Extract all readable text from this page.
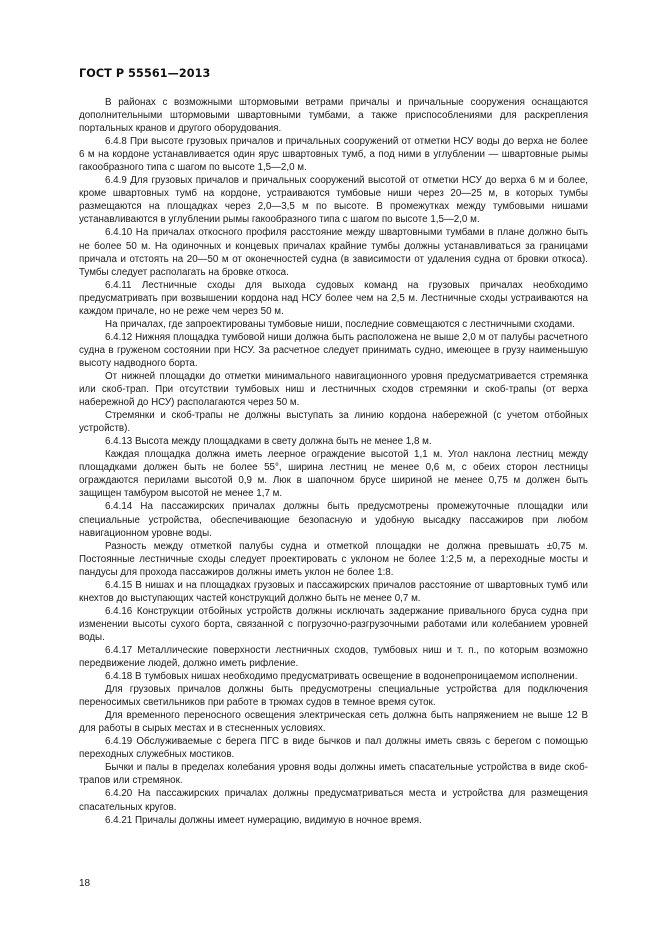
ГОСТ Р 55561—2013

В районах с возможными штормовыми ветрами причалы и причальные сооружения оснащаются дополнительными штормовыми швартовными тумбами, а также приспособлениями для раскрепления портальных кранов и другого оборудования.

6.4.8 При высоте грузовых причалов и причальных сооружений от отметки НСУ воды до верха не более 6 м на кордоне устанавливается один ярус швартовных тумб, а под ними в углублении — швартовные рымы гакообразного типа с шагом по высоте 1,5—2,0 м.

6.4.9 Для грузовых причалов и причальных сооружений высотой от отметки НСУ до верха 6 м и более, кроме швартовных тумб на кордоне, устраиваются тумбовые ниши через 20—25 м, в которых тумбы размещаются на площадках через 2,0—3,5 м по высоте. В промежутках между тумбовыми нишами устанавливаются в углублении рымы гакообразного типа с шагом по высоте 1,5—2,0 м.

6.4.10 На причалах откосного профиля расстояние между швартовными тумбами в плане должно быть не более 50 м. На одиночных и концевых причалах крайние тумбы должны устанавливаться за границами причала и отстоять на 20—50 м от оконечностей судна (в зависимости от удаления судна от бровки откоса). Тумбы следует располагать на бровке откоса.

6.4.11 Лестничные сходы для выхода судовых команд на грузовых причалах необходимо предусматривать при возвышении кордона над НСУ более чем на 2,5 м. Лестничные сходы устраиваются на каждом причале, но не реже чем через 50 м.

На причалах, где запроектированы тумбовые ниши, последние совмещаются с лестничными сходами.

6.4.12 Нижняя площадка тумбовой ниши должна быть расположена не выше 2,0 м от палубы расчетного судна в груженом состоянии при НСУ. За расчетное следует принимать судно, имеющее в грузу наименьшую высоту надводного борта.

От нижней площадки до отметки минимального навигационного уровня предусматривается стремянка или скоб-трап. При отсутствии тумбовых ниш и лестничных сходов стремянки и скоб-трапы (от верха набережной до НСУ) располагаются через 50 м.

Стремянки и скоб-трапы не должны выступать за линию кордона набережной (с учетом отбойных устройств).

6.4.13 Высота между площадками в свету должна быть не менее 1,8 м.

Каждая площадка должна иметь леерное ограждение высотой 1,1 м. Угол наклона лестниц между площадками должен быть не более 55°, ширина лестниц не менее 0,6 м, с обеих сторон лестницы ограждаются перилами высотой 0,9 м. Люк в шапочном брусе шириной не менее 0,75 м должен быть защищен тамбуром высотой не менее 1,7 м.

6.4.14 На пассажирских причалах должны быть предусмотрены промежуточные площадки или специальные устройства, обеспечивающие безопасную и удобную высадку пассажиров при любом навигационном уровне воды.

Разность между отметкой палубы судна и отметкой площадки не должна превышать ±0,75 м. Постоянные лестничные сходы следует проектировать с уклоном не более 1:2,5 м, а переходные мосты и пандусы для прохода пассажиров должны иметь уклон не более 1:8.

6.4.15 В нишах и на площадках грузовых и пассажирских причалов расстояние от швартовных тумб или кнехтов до выступающих частей конструкций должно быть не менее 0,7 м.

6.4.16 Конструкции отбойных устройств должны исключать задержание привального бруса судна при изменении высоты сухого борта, связанной с погрузочно-разгрузочными работами или колебанием уровней воды.

6.4.17 Металлические поверхности лестничных сходов, тумбовых ниш и т. п., по которым возможно передвижение людей, должно иметь рифление.

6.4.18 В тумбовых нишах необходимо предусматривать освещение в водонепроницаемом исполнении.

Для грузовых причалов должны быть предусмотрены специальные устройства для подключения переносимых светильников при работе в трюмах судов в темное время суток.

Для временного переносного освещения электрическая сеть должна быть напряжением не выше 12 В для работы в сырых местах и в стесненных условиях.

6.4.19 Обслуживаемые с берега ПГС в виде бычков и пал должны иметь связь с берегом с помощью переходных служебных мостиков.

Бычки и палы в пределах колебания уровня воды должны иметь спасательные устройства в виде скоб-трапов или стремянок.

6.4.20 На пассажирских причалах должны предусматриваться места и устройства для размещения спасательных кругов.

6.4.21 Причалы должны имеет нумерацию, видимую в ночное время.

18
